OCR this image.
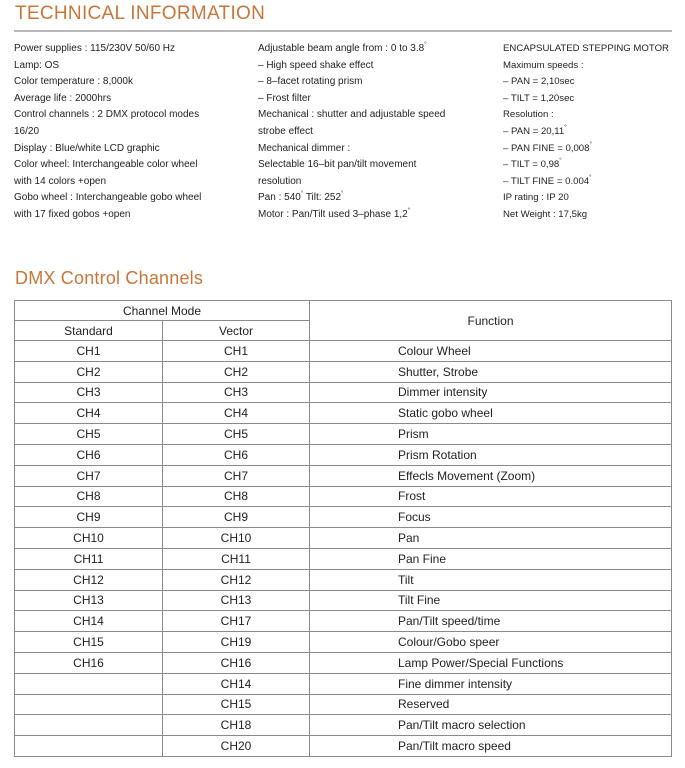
TECHNICAL INFORMATION
Power supplies : 115/230V 50/60 Hz
Lamp: OS
Color temperature : 8,000k
Average life : 2000hrs
Control channels : 2 DMX protocol modes
16/20
Display : Blue/white LCD graphic
Color wheel: Interchangeable color wheel
with 14 colors +open
Gobo wheel : Interchangeable gobo wheel
with 17 fixed gobos +open
Adjustable beam angle from : 0 to 3.8°
– High speed shake effect
– 8–facet rotating prism
– Frost filter
Mechanical : shutter and adjustable speed
strobe effect
Mechanical dimmer :
Selectable 16–bit pan/tilt movement
resolution
Pan : 540° Tilt: 252°
Motor : Pan/Tilt used 3–phase 1,2°
ENCAPSULATED STEPPING MOTOR
Maximum speeds :
– PAN = 2,10sec
– TILT = 1,20sec
Resolution :
– PAN = 20,11°
– PAN FINE = 0,008°
– TILT = 0,98°
– TILT FINE = 0.004°
IP rating : IP 20
Net Weight : 17,5kg
DMX Control Channels
Channel Mode		Function
Standard	Vector	
CH1	CH1	Colour Wheel
CH2	CH2	Shutter, Strobe
CH3	CH3	Dimmer intensity
CH4	CH4	Static gobo wheel
CH5	CH5	Prism
CH6	CH6	Prism Rotation
CH7	CH7	Effecls Movement (Zoom)
CH8	CH8	Frost
CH9	CH9	Focus
CH10	CH10	Pan
CH11	CH11	Pan Fine
CH12	CH12	Tilt
CH13	CH13	Tilt Fine
CH14	CH17	Pan/Tilt speed/time
CH15	CH19	Colour/Gobo speer
CH16	CH16	Lamp Power/Special Functions
	CH14	Fine dimmer intensity
	CH15	Reserved
	CH18	Pan/Tilt macro selection
	CH20	Pan/Tilt macro speed
